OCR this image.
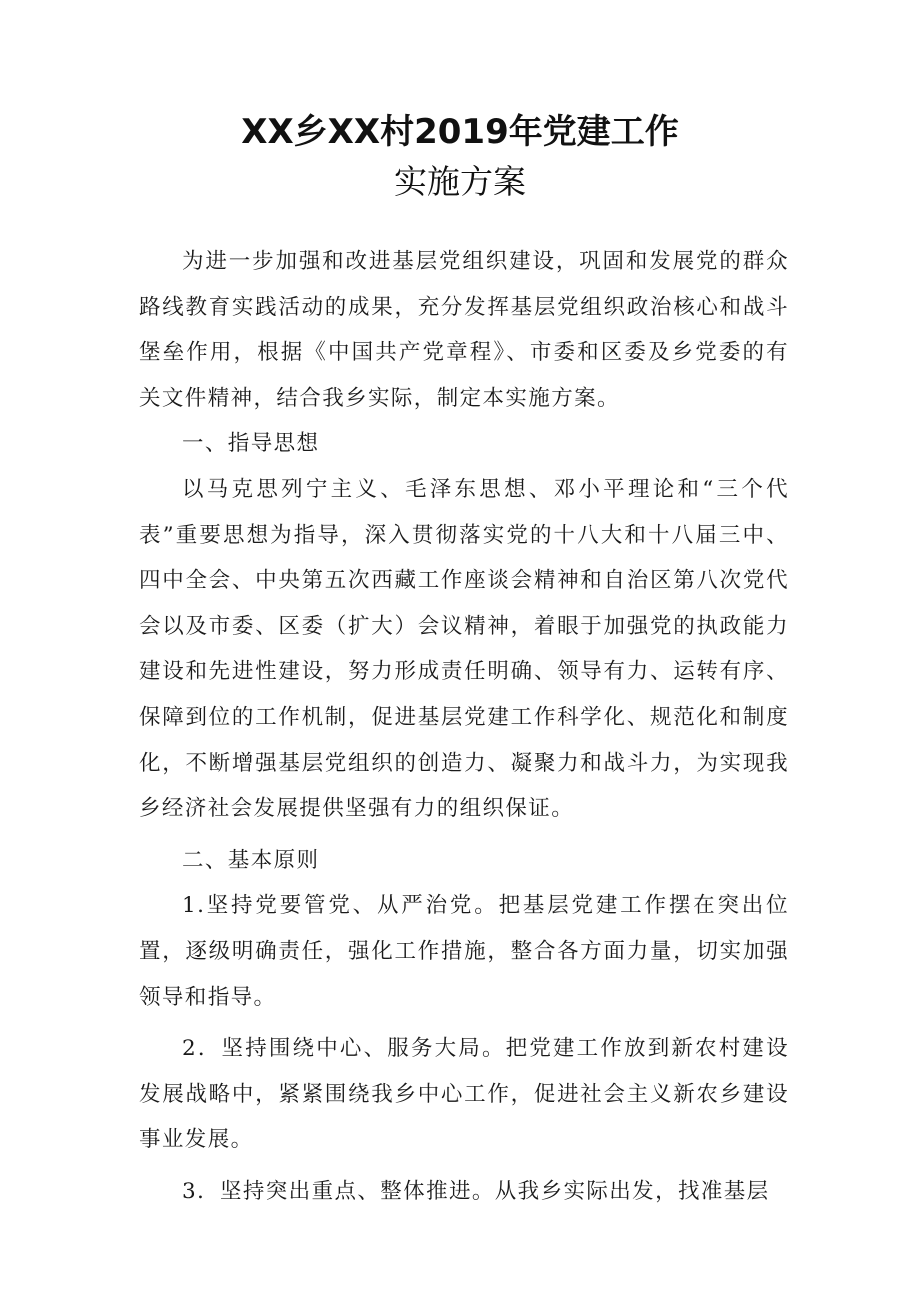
XX乡XX村2019年党建工作
实施方案

为进一步加强和改进基层党组织建设，巩固和发展党的群众路线教育实践活动的成果，充分发挥基层党组织政治核心和战斗堡垒作用，根据《中国共产党章程》、市委和区委及乡党委的有关文件精神，结合我乡实际，制定本实施方案。

一、指导思想

以马克思列宁主义、毛泽东思想、邓小平理论和“三个代表”重要思想为指导，深入贯彻落实党的十八大和十八届三中、四中全会、中央第五次西藏工作座谈会精神和自治区第八次党代会以及市委、区委（扩大）会议精神，着眼于加强党的执政能力建设和先进性建设，努力形成责任明确、领导有力、运转有序、保障到位的工作机制，促进基层党建工作科学化、规范化和制度化，不断增强基层党组织的创造力、凝聚力和战斗力，为实现我乡经济社会发展提供坚强有力的组织保证。

二、基本原则

1.坚持党要管党、从严治党。把基层党建工作摆在突出位置，逐级明确责任，强化工作措施，整合各方面力量，切实加强领导和指导。

2．坚持围绕中心、服务大局。把党建工作放到新农村建设发展战略中，紧紧围绕我乡中心工作，促进社会主义新农乡建设事业发展。

3．坚持突出重点、整体推进。从我乡实际出发，找准基层
